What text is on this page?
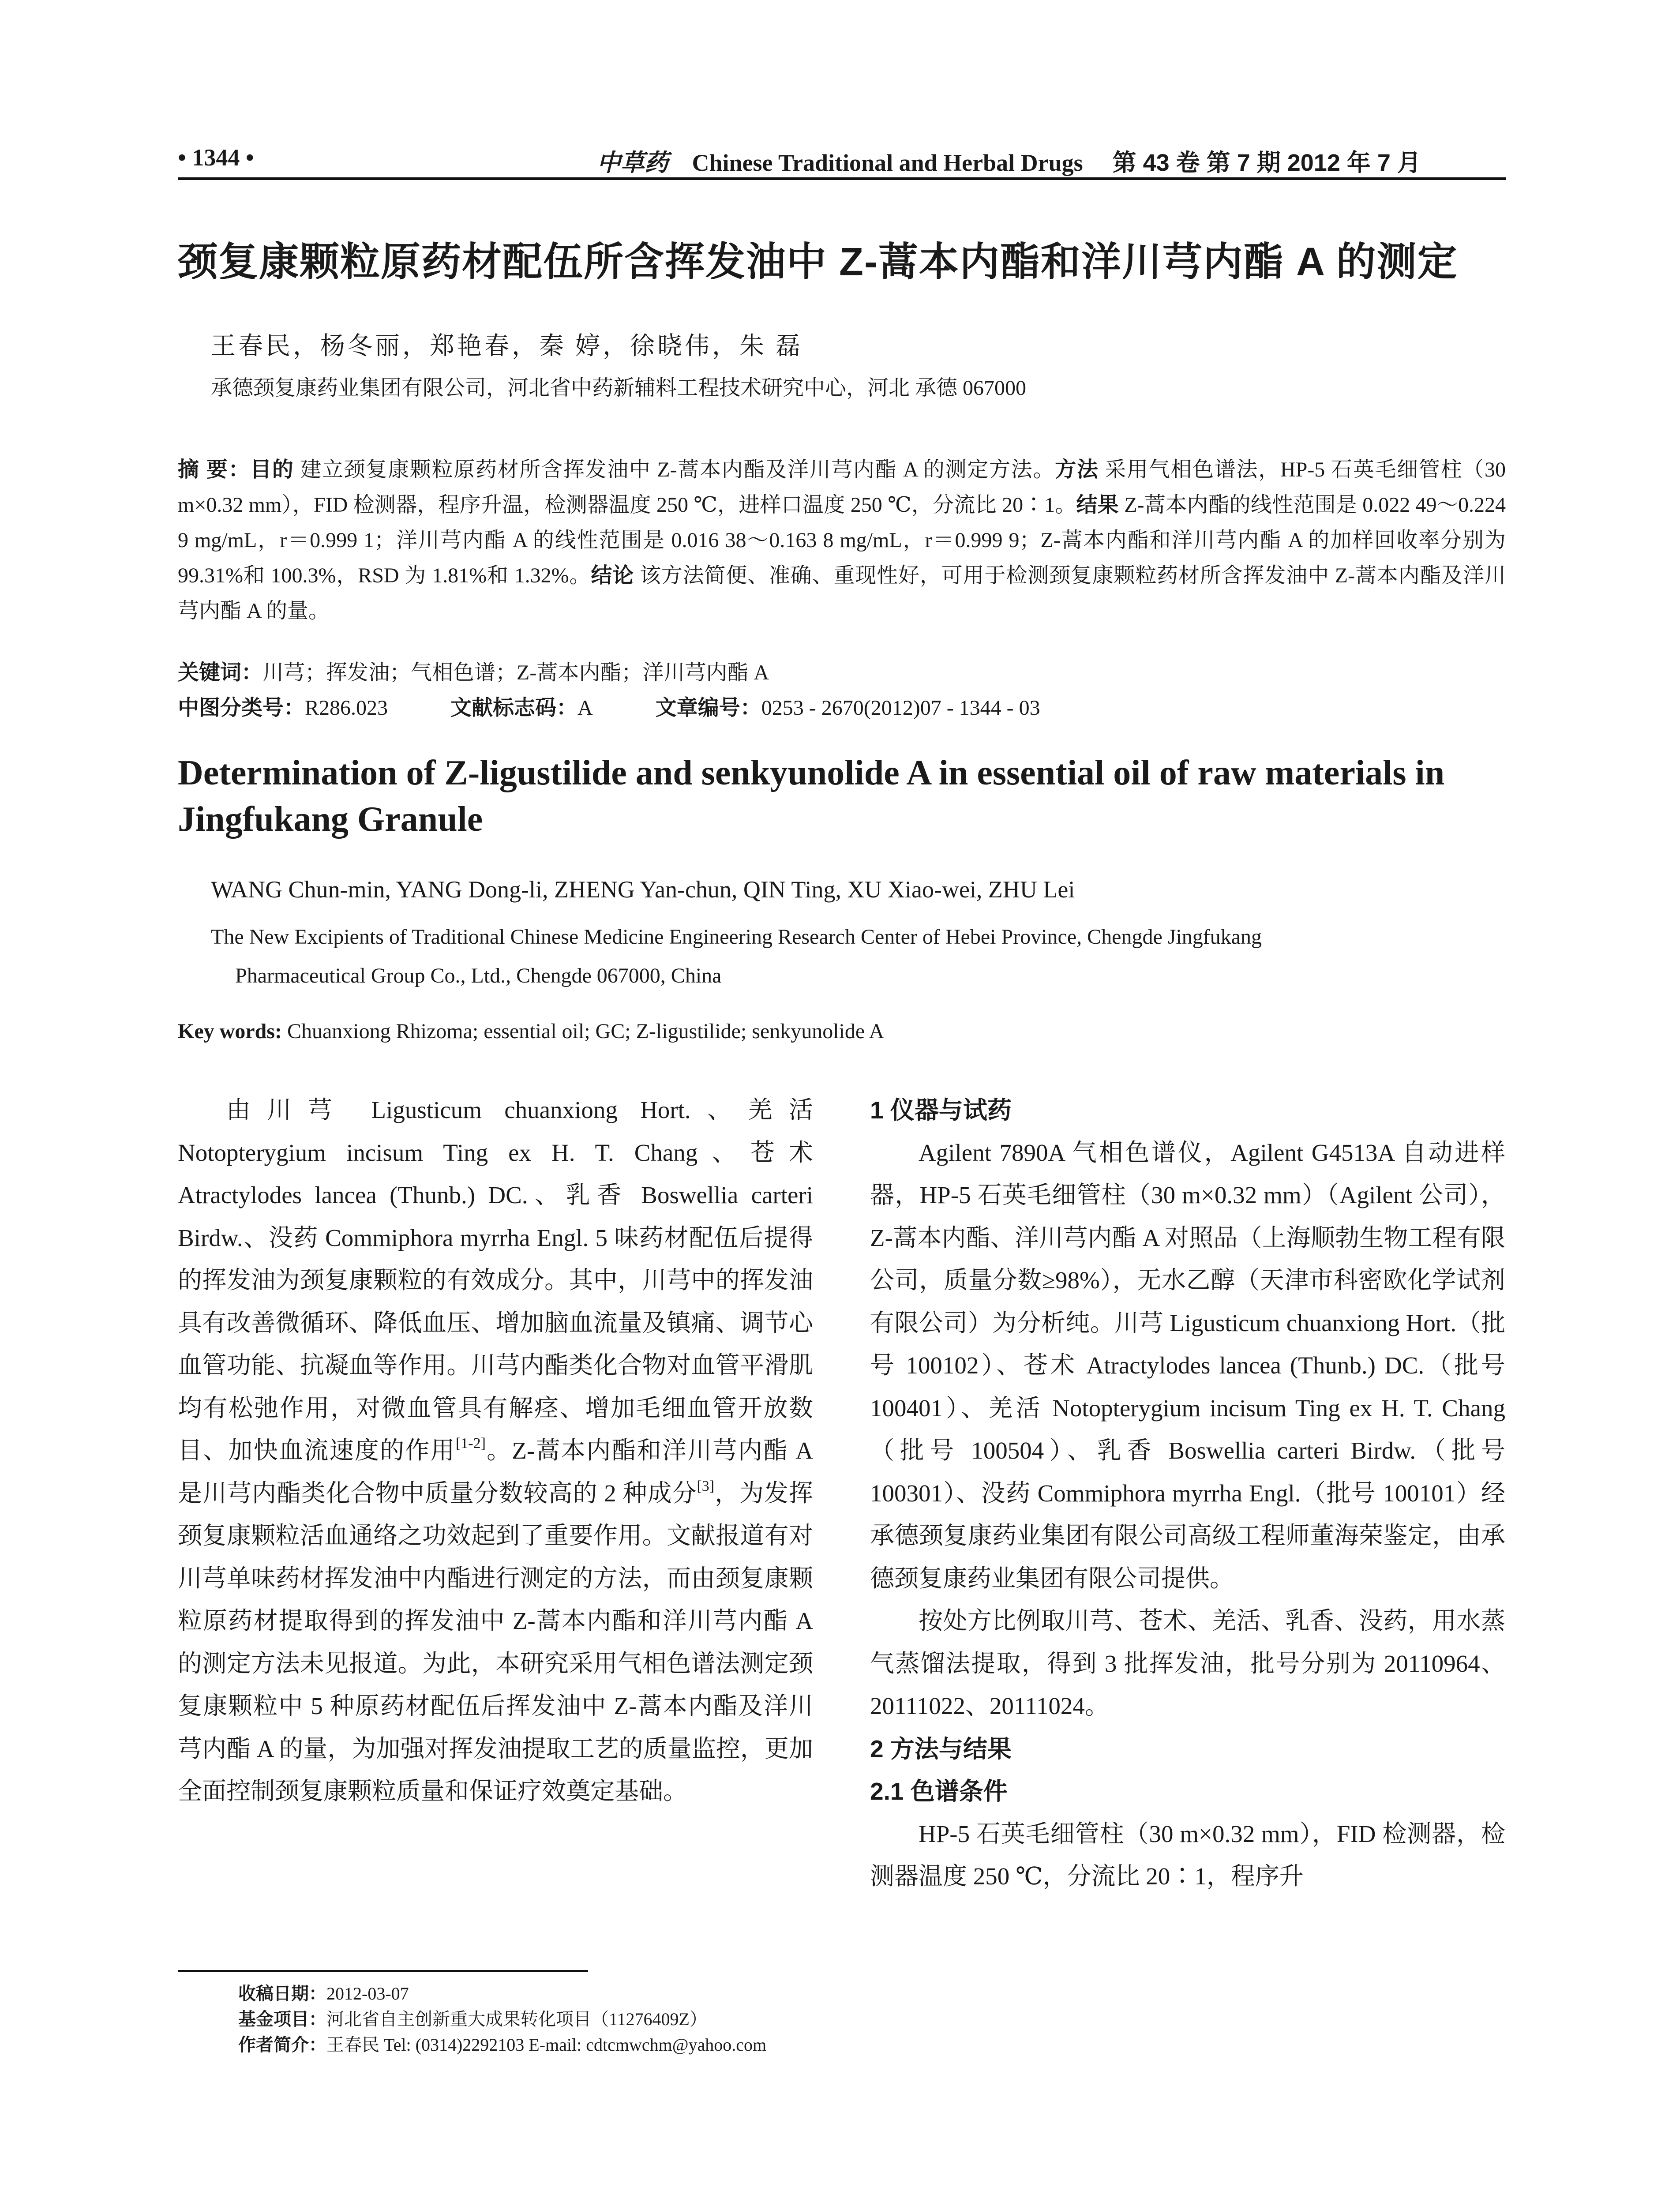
• 1344 •	中草药 Chinese Traditional and Herbal Drugs 第 43 卷 第 7 期 2012 年 7 月
颈复康颗粒原药材配伍所含挥发油中 Z-蒿本内酯和洋川芎内酯 A 的测定
王春民，杨冬丽，郑艳春，秦 婷，徐晓伟，朱 磊
承德颈复康药业集团有限公司，河北省中药新辅料工程技术研究中心，河北 承德 067000
摘 要：目的 建立颈复康颗粒原药材所含挥发油中 Z-蒿本内酯及洋川芎内酯 A 的测定方法。方法 采用气相色谱法，HP-5 石英毛细管柱（30 m×0.32 mm），FID 检测器，程序升温，检测器温度 250 ℃，进样口温度 250 ℃，分流比 20∶1。结果 Z-蒿本内酯的线性范围是 0.022 49～0.224 9 mg/mL，r＝0.999 1；洋川芎内酯 A 的线性范围是 0.016 38～0.163 8 mg/mL，r＝0.999 9；Z-蒿本内酯和洋川芎内酯 A 的加样回收率分别为 99.31%和 100.3%，RSD 为 1.81%和 1.32%。结论 该方法简便、准确、重现性好，可用于检测颈复康颗粒药材所含挥发油中 Z-蒿本内酯及洋川芎内酯 A 的量。
关键词：川芎；挥发油；气相色谱；Z-蒿本内酯；洋川芎内酯 A
中图分类号：R286.023	文献标志码：A	文章编号：0253 - 2670(2012)07 - 1344 - 03
Determination of Z-ligustilide and senkyunolide A in essential oil of raw materials in Jingfukang Granule
WANG Chun-min, YANG Dong-li, ZHENG Yan-chun, QIN Ting, XU Xiao-wei, ZHU Lei
The New Excipients of Traditional Chinese Medicine Engineering Research Center of Hebei Province, Chengde Jingfukang
Pharmaceutical Group Co., Ltd., Chengde 067000, China
Key words: Chuanxiong Rhizoma; essential oil; GC; Z-ligustilide; senkyunolide A

由川芎 Ligusticum chuanxiong Hort.、羌活 Notopterygium incisum Ting ex H. T. Chang、苍术 Atractylodes lancea (Thunb.) DC.、乳香 Boswellia carteri Birdw.、没药 Commiphora myrrha Engl. 5 味药材配伍后提得的挥发油为颈复康颗粒的有效成分。其中，川芎中的挥发油具有改善微循环、降低血压、增加脑血流量及镇痛、调节心血管功能、抗凝血等作用。川芎内酯类化合物对血管平滑肌均有松弛作用，对微血管具有解痉、增加毛细血管开放数目、加快血流速度的作用[1-2]。Z-蒿本内酯和洋川芎内酯 A 是川芎内酯类化合物中质量分数较高的 2 种成分[3]，为发挥颈复康颗粒活血通络之功效起到了重要作用。文献报道有对川芎单味药材挥发油中内酯进行测定的方法，而由颈复康颗粒原药材提取得到的挥发油中 Z-蒿本内酯和洋川芎内酯 A 的测定方法未见报道。为此，本研究采用气相色谱法测定颈复康颗粒中 5 种原药材配伍后挥发油中 Z-蒿本内酯及洋川芎内酯 A 的量，为加强对挥发油提取工艺的质量监控，更加全面控制颈复康颗粒质量和保证疗效奠定基础。

1 仪器与试药

Agilent 7890A 气相色谱仪，Agilent G4513A 自动进样器，HP-5 石英毛细管柱（30 m×0.32 mm）（Agilent 公司），Z-蒿本内酯、洋川芎内酯 A 对照品（上海顺勃生物工程有限公司，质量分数≥98%），无水乙醇（天津市科密欧化学试剂有限公司）为分析纯。川芎 Ligusticum chuanxiong Hort.（批号 100102）、苍术 Atractylodes lancea (Thunb.) DC.（批号 100401）、羌活 Notopterygium incisum Ting ex H. T. Chang（批号 100504）、乳香 Boswellia carteri Birdw.（批号 100301）、没药 Commiphora myrrha Engl.（批号 100101）经承德颈复康药业集团有限公司高级工程师董海荣鉴定，由承德颈复康药业集团有限公司提供。

按处方比例取川芎、苍术、羌活、乳香、没药，用水蒸气蒸馏法提取，得到 3 批挥发油，批号分别为 20110964、20111022、20111024。

2 方法与结果

2.1 色谱条件

HP-5 石英毛细管柱（30 m×0.32 mm），FID 检测器，检测器温度 250 ℃，分流比 20∶1，程序升

收稿日期：2012-03-07
基金项目：河北省自主创新重大成果转化项目（11276409Z）
作者简介：王春民 Tel: (0314)2292103 E-mail: cdtcmwchm@yahoo.com
